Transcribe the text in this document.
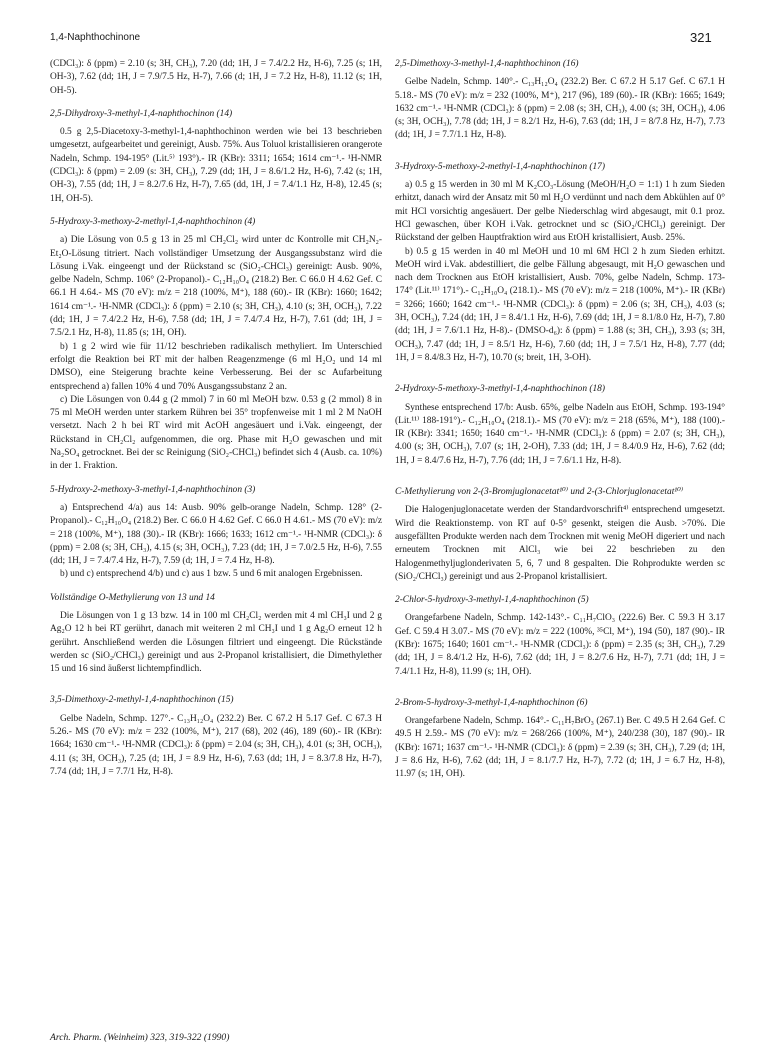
1,4-Naphthochinone	321

(CDCl₃): δ (ppm) = 2.10 (s; 3H, CH₃), 7.20 (dd; 1H, J = 7.4/2.2 Hz, H-6), 7.25 (s; 1H, OH-3), 7.62 (dd; 1H, J = 7.9/7.5 Hz, H-7), 7.66 (d; 1H, J = 7.2 Hz, H-8), 11.12 (s; 1H, OH-5).

2,5-Dihydroxy-3-methyl-1,4-naphthochinon (14)

0.5 g 2,5-Diacetoxy-3-methyl-1,4-naphthochinon werden wie bei 13 beschrieben umgesetzt, aufgearbeitet und gereinigt, Ausb. 75%. Aus Toluol kristallisieren orangerote Nadeln, Schmp. 194-195° (Lit.⁵⁾ 193°).- IR (KBr): 3311; 1654; 1614 cm⁻¹.- ¹H-NMR (CDCl₃): δ (ppm) = 2.09 (s: 3H, CH₃), 7.29 (dd; 1H, J = 8.6/1.2 Hz, H-6), 7.42 (s; 1H, OH-3), 7.55 (dd; 1H, J = 8.2/7.6 Hz, H-7), 7.65 (dd, 1H, J = 7.4/1.1 Hz, H-8), 12.45 (s; 1H, OH-5).

5-Hydroxy-3-methoxy-2-methyl-1,4-naphthochinon (4)

a) Die Lösung von 0.5 g 13 in 25 ml CH₂Cl₂ wird unter dc Kontrolle mit CH₂N₂-Et₂O-Lösung titriert. Nach vollständiger Umsetzung der Ausgangssubstanz wird die Lösung i.Vak. eingeengt und der Rückstand sc (SiO₂-CHCl₃) gereinigt: Ausb. 90%, gelbe Nadeln, Schmp. 106° (2-Propanol).- C₁₂H₁₀O₄ (218.2) Ber. C 66.0 H 4.62 Gef. C 66.1 H 4.64.- MS (70 eV): m/z = 218 (100%, M⁺), 188 (60).- IR (KBr): 1660; 1642; 1614 cm⁻¹.- ¹H-NMR (CDCl₃): δ (ppm) = 2.10 (s; 3H, CH₃), 4.10 (s; 3H, OCH₃), 7.22 (dd; 1H, J = 7.4/2.2 Hz, H-6), 7.58 (dd; 1H, J = 7.4/7.4 Hz, H-7), 7.61 (dd; 1H, J = 7.5/2.1 Hz, H-8), 11.85 (s; 1H, OH).

b) 1 g 2 wird wie für 11/12 beschrieben radikalisch methyliert. Im Unterschied erfolgt die Reaktion bei RT mit der halben Reagenzmenge (6 ml H₂O₂ und 14 ml DMSO), eine Steigerung brachte keine Verbesserung. Bei der sc Aufarbeitung entsprechend a) fallen 10% 4 und 70% Ausgangssubstanz 2 an.

c) Die Lösungen von 0.44 g (2 mmol) 7 in 60 ml MeOH bzw. 0.53 g (2 mmol) 8 in 75 ml MeOH werden unter starkem Rühren bei 35° tropfenweise mit 1 ml 2 M NaOH versetzt. Nach 2 h bei RT wird mit AcOH angesäuert und i.Vak. eingeengt, der Rückstand in CH₂Cl₂ aufgenommen, die org. Phase mit H₂O gewaschen und mit Na₂SO₄ getrocknet. Bei der sc Reinigung (SiO₂-CHCl₃) befindet sich 4 (Ausb. ca. 10%) in der 1. Fraktion.

5-Hydroxy-2-methoxy-3-methyl-1,4-naphthochinon (3)

a) Entsprechend 4/a) aus 14: Ausb. 90% gelb-orange Nadeln, Schmp. 128° (2-Propanol).- C₁₂H₁₀O₄ (218.2) Ber. C 66.0 H 4.62 Gef. C 66.0 H 4.61.- MS (70 eV): m/z = 218 (100%, M⁺), 188 (30).- IR (KBr): 1666; 1633; 1612 cm⁻¹.- ¹H-NMR (CDCl₃): δ (ppm) = 2.08 (s; 3H, CH₃), 4.15 (s; 3H, OCH₃), 7.23 (dd; 1H, J = 7.0/2.5 Hz, H-6), 7.55 (dd; 1H, J = 7.4/7.4 Hz, H-7), 7.59 (d; 1H, J = 7.4 Hz, H-8).

b) und c) entsprechend 4/b) und c) aus 1 bzw. 5 und 6 mit analogen Ergebnissen.

Vollständige O-Methylierung von 13 und 14

Die Lösungen von 1 g 13 bzw. 14 in 100 ml CH₂Cl₂ werden mit 4 ml CH₃I und 2 g Ag₂O 12 h bei RT gerührt, danach mit weiteren 2 ml CH₃I und 1 g Ag₂O erneut 12 h gerührt. Anschließend werden die Lösungen filtriert und eingeengt. Die Rückstände werden sc (SiO₂/CHCl₃) gereinigt und aus 2-Propanol kristallisiert, die Dimethylether 15 und 16 sind äußerst lichtempfindlich.

3,5-Dimethoxy-2-methyl-1,4-naphthochinon (15)

Gelbe Nadeln, Schmp. 127°.- C₁₃H₁₂O₄ (232.2) Ber. C 67.2 H 5.17 Gef. C 67.3 H 5.26.- MS (70 eV): m/z = 232 (100%, M⁺), 217 (68), 202 (46), 189 (60).- IR (KBr): 1664; 1630 cm⁻¹.- ¹H-NMR (CDCl₃): δ (ppm) = 2.04 (s; 3H, CH₃), 4.01 (s; 3H, OCH₃), 4.11 (s; 3H, OCH₃), 7.25 (d; 1H, J = 8.9 Hz, H-6), 7.63 (dd; 1H, J = 8.3/7.8 Hz, H-7), 7.74 (dd; 1H, J = 7.7/1 Hz, H-8).

2,5-Dimethoxy-3-methyl-1,4-naphthochinon (16)

Gelbe Nadeln, Schmp. 140°.- C₁₃H₁₂O₄ (232.2) Ber. C 67.2 H 5.17 Gef. C 67.1 H 5.18.- MS (70 eV): m/z = 232 (100%, M⁺), 217 (96), 189 (60).- IR (KBr): 1665; 1649; 1632 cm⁻¹.- ¹H-NMR (CDCl₃): δ (ppm) = 2.08 (s; 3H, CH₃), 4.00 (s; 3H, OCH₃), 4.06 (s; 3H, OCH₃), 7.78 (dd; 1H, J = 8.2/1 Hz, H-6), 7.63 (dd; 1H, J = 8/7.8 Hz, H-7), 7.73 (dd; 1H, J = 7.7/1.1 Hz, H-8).

3-Hydroxy-5-methoxy-2-methyl-1,4-naphthochinon (17)

a) 0.5 g 15 werden in 30 ml M K₂CO₃-Lösung (MeOH/H₂O = 1:1) 1 h zum Sieden erhitzt, danach wird der Ansatz mit 50 ml H₂O verdünnt und nach dem Abkühlen auf 0° mit HCl vorsichtig angesäuert. Der gelbe Niederschlag wird abgesaugt, mit 0.1 proz. HCl gewaschen, über KOH i.Vak. getrocknet und sc (SiO₂/CHCl₃) gereinigt. Der Rückstand der gelben Hauptfraktion wird aus EtOH kristallisiert, Ausb. 25%.

b) 0.5 g 15 werden in 40 ml MeOH und 10 ml 6M HCl 2 h zum Sieden erhitzt. MeOH wird i.Vak. abdestilliert, die gelbe Fällung abgesaugt, mit H₂O gewaschen und nach dem Trocknen aus EtOH kristallisiert, Ausb. 70%, gelbe Nadeln, Schmp. 173-174° (Lit.¹¹⁾ 171°).- C₁₂H₁₀O₄ (218.1).- MS (70 eV): m/z = 218 (100%, M⁺).- IR (KBr) = 3266; 1660; 1642 cm⁻¹.- ¹H-NMR (CDCl₃): δ (ppm) = 2.06 (s; 3H, CH₃), 4.03 (s; 3H, OCH₃), 7.24 (dd; 1H, J = 8.4/1.1 Hz, H-6), 7.69 (dd; 1H, J = 8.1/8.0 Hz, H-7), 7.80 (dd; 1H, J = 7.6/1.1 Hz, H-8).- (DMSO-d₆): δ (ppm) = 1.88 (s; 3H, CH₃), 3.93 (s; 3H, OCH₃), 7.47 (dd; 1H, J = 8.5/1 Hz, H-6), 7.60 (dd; 1H, J = 7.5/1 Hz, H-8), 7.77 (dd; 1H, J = 8.4/8.3 Hz, H-7), 10.70 (s; breit, 1H, 3-OH).

2-Hydroxy-5-methoxy-3-methyl-1,4-naphthochinon (18)

Synthese entsprechend 17/b: Ausb. 65%, gelbe Nadeln aus EtOH, Schmp. 193-194° (Lit.¹¹⁾ 188-191°).- C₁₂H₁₀O₄ (218.1).- MS (70 eV): m/z = 218 (65%, M⁺), 188 (100).- IR (KBr): 3341; 1650; 1640 cm⁻¹.- ¹H-NMR (CDCl₃): δ (ppm) = 2.07 (s; 3H, CH₃), 4.00 (s; 3H, OCH₃), 7.07 (s; 1H, 2-OH), 7.33 (dd; 1H, J = 8.4/0.9 Hz, H-6), 7.62 (dd; 1H, J = 8.4/7.6 Hz, H-7), 7.76 (dd; 1H, J = 7.6/1.1 Hz, H-8).

C-Methylierung von 2-(3-Bromjuglonacetat¹⁰⁾ und 2-(3-Chlorjuglonacetat¹⁰⁾

Die Halogenjuglonacetate werden der Standardvorschrift⁴⁾ entsprechend umgesetzt. Wird die Reaktionstemp. von RT auf 0-5° gesenkt, steigen die Ausb. >70%. Die ausgefällten Produkte werden nach dem Trocknen mit wenig MeOH digeriert und nach erneutem Trocknen mit AlCl₃ wie bei 22 beschrieben zu den Halogenmethyljuglonderivaten 5, 6, 7 und 8 gespalten. Die Rohprodukte werden sc (SiO₂/CHCl₃) gereinigt und aus 2-Propanol kristallisiert.

2-Chlor-5-hydroxy-3-methyl-1,4-naphthochinon (5)

Orangefarbene Nadeln, Schmp. 142-143°.- C₁₁H₇ClO₃ (222.6) Ber. C 59.3 H 3.17 Gef. C 59.4 H 3.07.- MS (70 eV): m/z = 222 (100%, ³⁵Cl, M⁺), 194 (50), 187 (90).- IR (KBr): 1675; 1640; 1601 cm⁻¹.- ¹H-NMR (CDCl₃): δ (ppm) = 2.35 (s; 3H, CH₃), 7.29 (dd; 1H, J = 8.4/1.2 Hz, H-6), 7.62 (dd; 1H, J = 8.2/7.6 Hz, H-7), 7.71 (dd; 1H, J = 7.4/1.1 Hz, H-8), 11.99 (s; 1H, OH).

2-Brom-5-hydroxy-3-methyl-1,4-naphthochinon (6)

Orangefarbene Nadeln, Schmp. 164°.- C₁₁H₇BrO₃ (267.1) Ber. C 49.5 H 2.64 Gef. C 49.5 H 2.59.- MS (70 eV): m/z = 268/266 (100%, M⁺), 240/238 (30), 187 (90).- IR (KBr): 1671; 1637 cm⁻¹.- ¹H-NMR (CDCl₃): δ (ppm) = 2.39 (s; 3H, CH₃), 7.29 (d; 1H, J = 8.6 Hz, H-6), 7.62 (dd; 1H, J = 8.1/7.7 Hz, H-7), 7.72 (d; 1H, J = 6.7 Hz, H-8), 11.97 (s; 1H, OH).

Arch. Pharm. (Weinheim) 323, 319-322 (1990)
